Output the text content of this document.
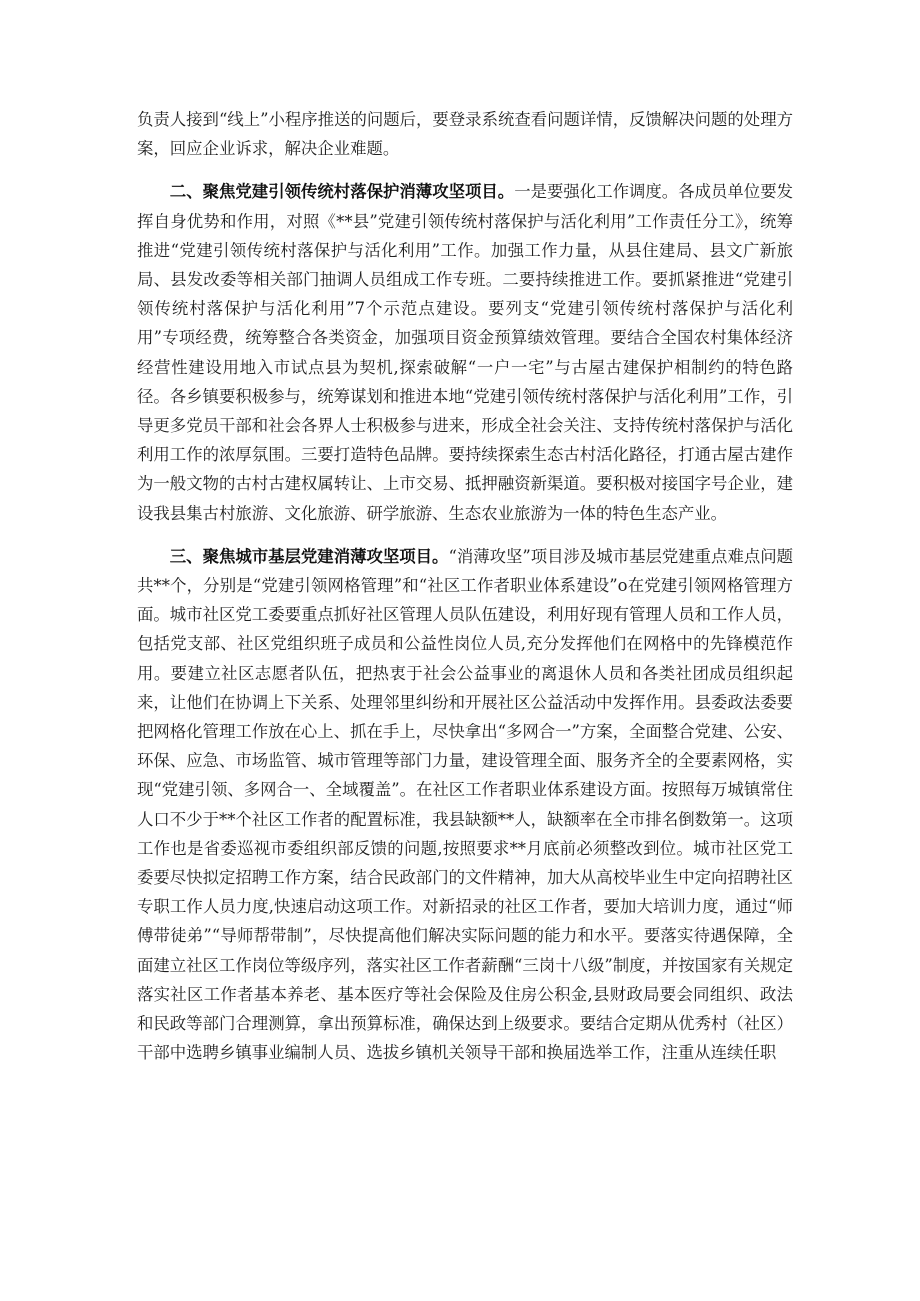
负责人接到“线上”小程序推送的问题后，要登录系统查看问题详情，反馈解决问题的处理方案，回应企业诉求，解决企业难题。

二、聚焦党建引领传统村落保护消薄攻坚项目。一是要强化工作调度。各成员单位要发挥自身优势和作用，对照《**县”党建引领传统村落保护与活化利用”工作责任分工》，统筹推进“党建引领传统村落保护与活化利用”工作。加强工作力量，从县住建局、县文广新旅局、县发改委等相关部门抽调人员组成工作专班。二要持续推进工作。要抓紧推进“党建引领传统村落保护与活化利用”7个示范点建设。要列支“党建引领传统村落保护与活化利用”专项经费，统筹整合各类资金，加强项目资金预算绩效管理。要结合全国农村集体经济经营性建设用地入市试点县为契机,探索破解“一户一宅”与古屋古建保护相制约的特色路径。各乡镇要积极参与，统筹谋划和推进本地“党建引领传统村落保护与活化利用”工作，引导更多党员干部和社会各界人士积极参与进来，形成全社会关注、支持传统村落保护与活化利用工作的浓厚氛围。三要打造特色品牌。要持续探索生态古村活化路径，打通古屋古建作为一般文物的古村古建权属转让、上市交易、抵押融资新渠道。要积极对接国字号企业，建设我县集古村旅游、文化旅游、研学旅游、生态农业旅游为一体的特色生态产业。

三、聚焦城市基层党建消薄攻坚项目。“消薄攻坚”项目涉及城市基层党建重点难点问题共**个，分别是“党建引领网格管理”和“社区工作者职业体系建设”o在党建引领网格管理方面。城市社区党工委要重点抓好社区管理人员队伍建设，利用好现有管理人员和工作人员，包括党支部、社区党组织班子成员和公益性岗位人员,充分发挥他们在网格中的先锋模范作用。要建立社区志愿者队伍，把热衷于社会公益事业的离退休人员和各类社团成员组织起来，让他们在协调上下关系、处理邻里纠纷和开展社区公益活动中发挥作用。县委政法委要把网格化管理工作放在心上、抓在手上，尽快拿出“多网合一”方案，全面整合党建、公安、环保、应急、市场监管、城市管理等部门力量，建设管理全面、服务齐全的全要素网格，实现“党建引领、多网合一、全域覆盖”。在社区工作者职业体系建设方面。按照每万城镇常住人口不少于**个社区工作者的配置标准，我县缺额**人，缺额率在全市排名倒数第一。这项工作也是省委巡视市委组织部反馈的问题,按照要求**月底前必须整改到位。城市社区党工委要尽快拟定招聘工作方案，结合民政部门的文件精神，加大从高校毕业生中定向招聘社区专职工作人员力度,快速启动这项工作。对新招录的社区工作者，要加大培训力度，通过“师傅带徒弟”“导师帮带制”，尽快提高他们解决实际问题的能力和水平。要落实待遇保障，全面建立社区工作岗位等级序列，落实社区工作者薪酬“三岗十八级”制度，并按国家有关规定落实社区工作者基本养老、基本医疗等社会保险及住房公积金,县财政局要会同组织、政法和民政等部门合理测算，拿出预算标准，确保达到上级要求。要结合定期从优秀村（社区）干部中选聘乡镇事业编制人员、选拔乡镇机关领导干部和换届选举工作，注重从连续任职
